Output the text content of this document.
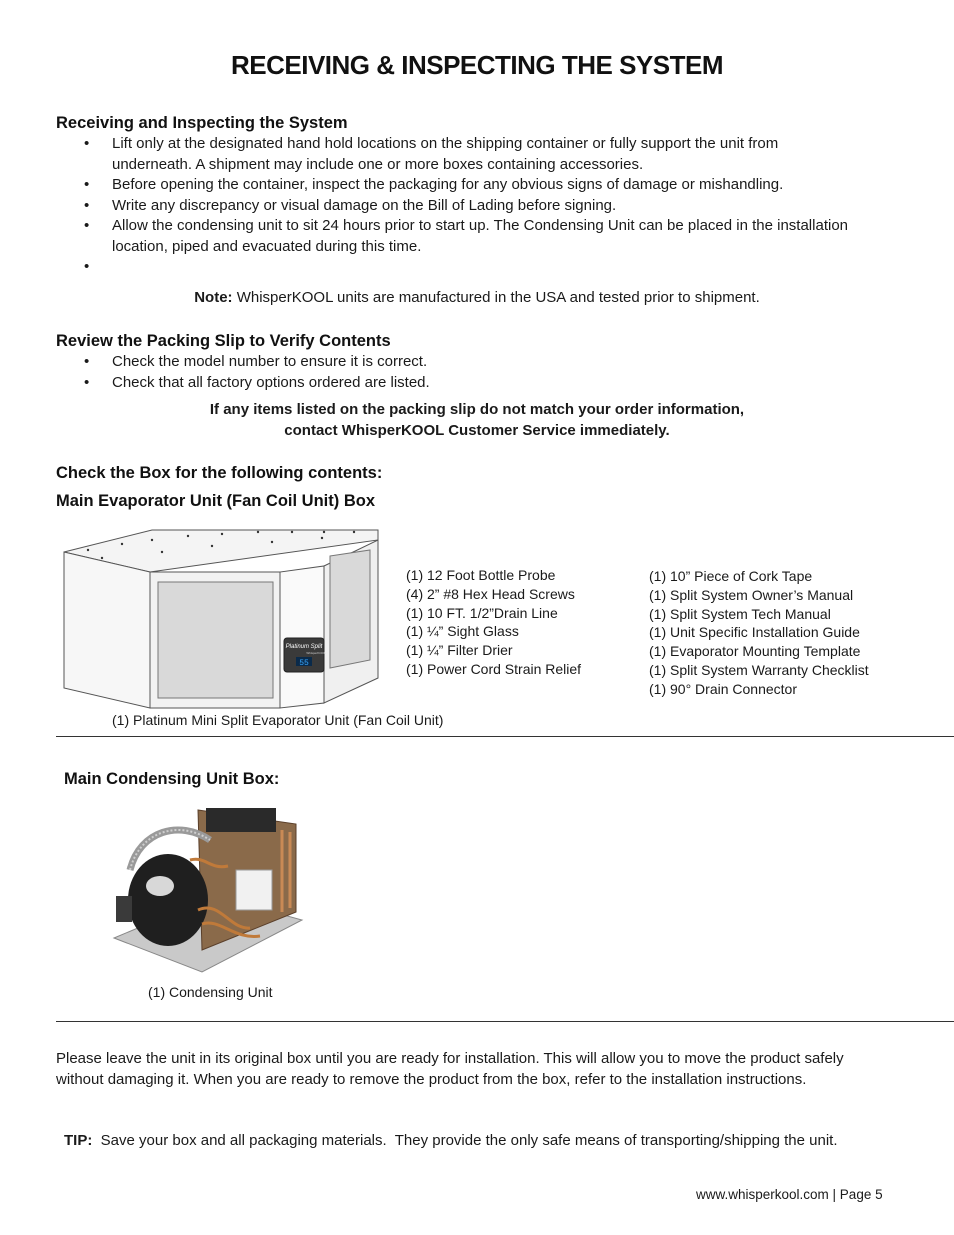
RECEIVING & INSPECTING THE SYSTEM
Receiving and Inspecting the System
• Lift only at the designated hand hold locations on the shipping container or fully support the unit from underneath. A shipment may include one or more boxes containing accessories.
• Before opening the container, inspect the packaging for any obvious signs of damage or mishandling.
• Write any discrepancy or visual damage on the Bill of Lading before signing.
• Allow the condensing unit to sit 24 hours prior to start up. The Condensing Unit can be placed in the installation location, piped and evacuated during this time.
•
Note: WhisperKOOL units are manufactured in the USA and tested prior to shipment.
Review the Packing Slip to Verify Contents
• Check the model number to ensure it is correct.
• Check that all factory options ordered are listed.
If any items listed on the packing slip do not match your order information,
contact WhisperKOOL Customer Service immediately.
Check the Box for the following contents:
Main Evaporator Unit (Fan Coil Unit) Box
Platinum Split
WhisperKOOL
55
(1) 12 Foot Bottle Probe
(4) 2” #8 Hex Head Screws
(1) 10 FT. 1/2”Drain Line
(1) ¼” Sight Glass
(1) ¼” Filter Drier
(1) Power Cord Strain Relief
(1) 10” Piece of Cork Tape
(1) Split System Owner’s Manual
(1) Split System Tech Manual
(1) Unit Specific Installation Guide
(1) Evaporator Mounting Template
(1) Split System Warranty Checklist
(1) 90° Drain Connector
(1) Platinum Mini Split Evaporator Unit (Fan Coil Unit)
Main Condensing Unit Box:
(1) Condensing Unit
Please leave the unit in its original box until you are ready for installation. This will allow you to move the product safely without damaging it. When you are ready to remove the product from the box, refer to the installation instructions.
TIP:  Save your box and all packaging materials.  They provide the only safe means of transporting/shipping the unit.
www.whisperkool.com | Page 5
